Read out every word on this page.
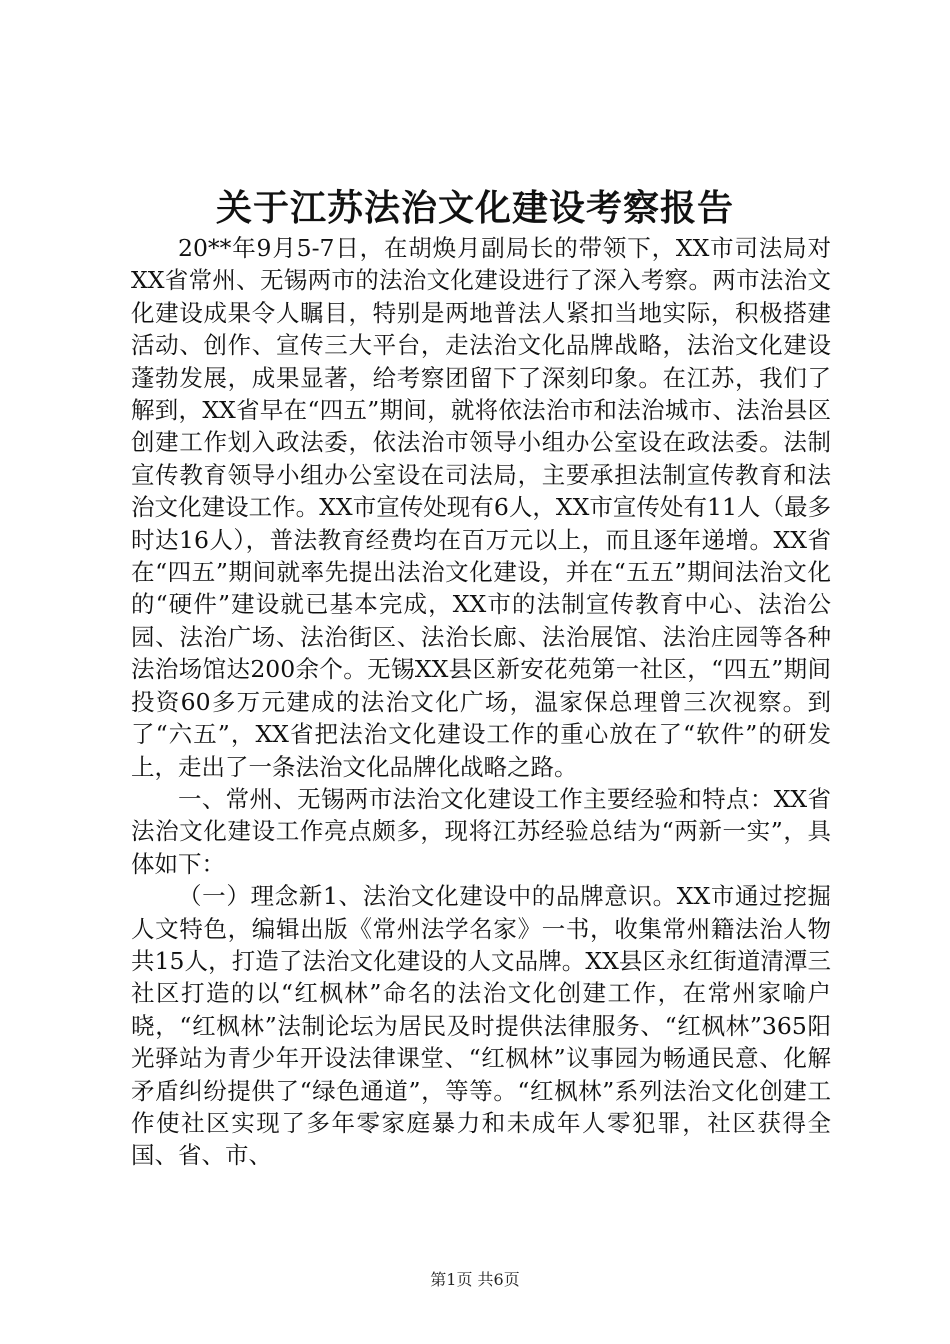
关于江苏法治文化建设考察报告

20**年9月5-7日，在胡焕月副局长的带领下，XX市司法局对XX省常州、无锡两市的法治文化建设进行了深入考察。两市法治文化建设成果令人瞩目，特别是两地普法人紧扣当地实际，积极搭建活动、创作、宣传三大平台，走法治文化品牌战略，法治文化建设蓬勃发展，成果显著，给考察团留下了深刻印象。在江苏，我们了解到，XX省早在“四五”期间，就将依法治市和法治城市、法治县区创建工作划入政法委，依法治市领导小组办公室设在政法委。法制宣传教育领导小组办公室设在司法局，主要承担法制宣传教育和法治文化建设工作。XX市宣传处现有6人，XX市宣传处有11人（最多时达16人），普法教育经费均在百万元以上，而且逐年递增。XX省在“四五”期间就率先提出法治文化建设，并在“五五”期间法治文化的“硬件”建设就已基本完成，XX市的法制宣传教育中心、法治公园、法治广场、法治街区、法治长廊、法治展馆、法治庄园等各种法治场馆达200余个。无锡XX县区新安花苑第一社区，“四五”期间投资60多万元建成的法治文化广场，温家保总理曾三次视察。到了“六五”，XX省把法治文化建设工作的重心放在了“软件”的研发上，走出了一条法治文化品牌化战略之路。

一、常州、无锡两市法治文化建设工作主要经验和特点：XX省法治文化建设工作亮点颇多，现将江苏经验总结为“两新一实”，具体如下：

（一）理念新1、法治文化建设中的品牌意识。XX市通过挖掘人文特色，编辑出版《常州法学名家》一书，收集常州籍法治人物共15人，打造了法治文化建设的人文品牌。XX县区永红街道清潭三社区打造的以“红枫林”命名的法治文化创建工作，在常州家喻户晓，“红枫林”法制论坛为居民及时提供法律服务、“红枫林”365阳光驿站为青少年开设法律课堂、“红枫林”议事园为畅通民意、化解矛盾纠纷提供了“绿色通道”，等等。“红枫林”系列法治文化创建工作使社区实现了多年零家庭暴力和未成年人零犯罪，社区获得全国、省、市、

第1页 共6页
